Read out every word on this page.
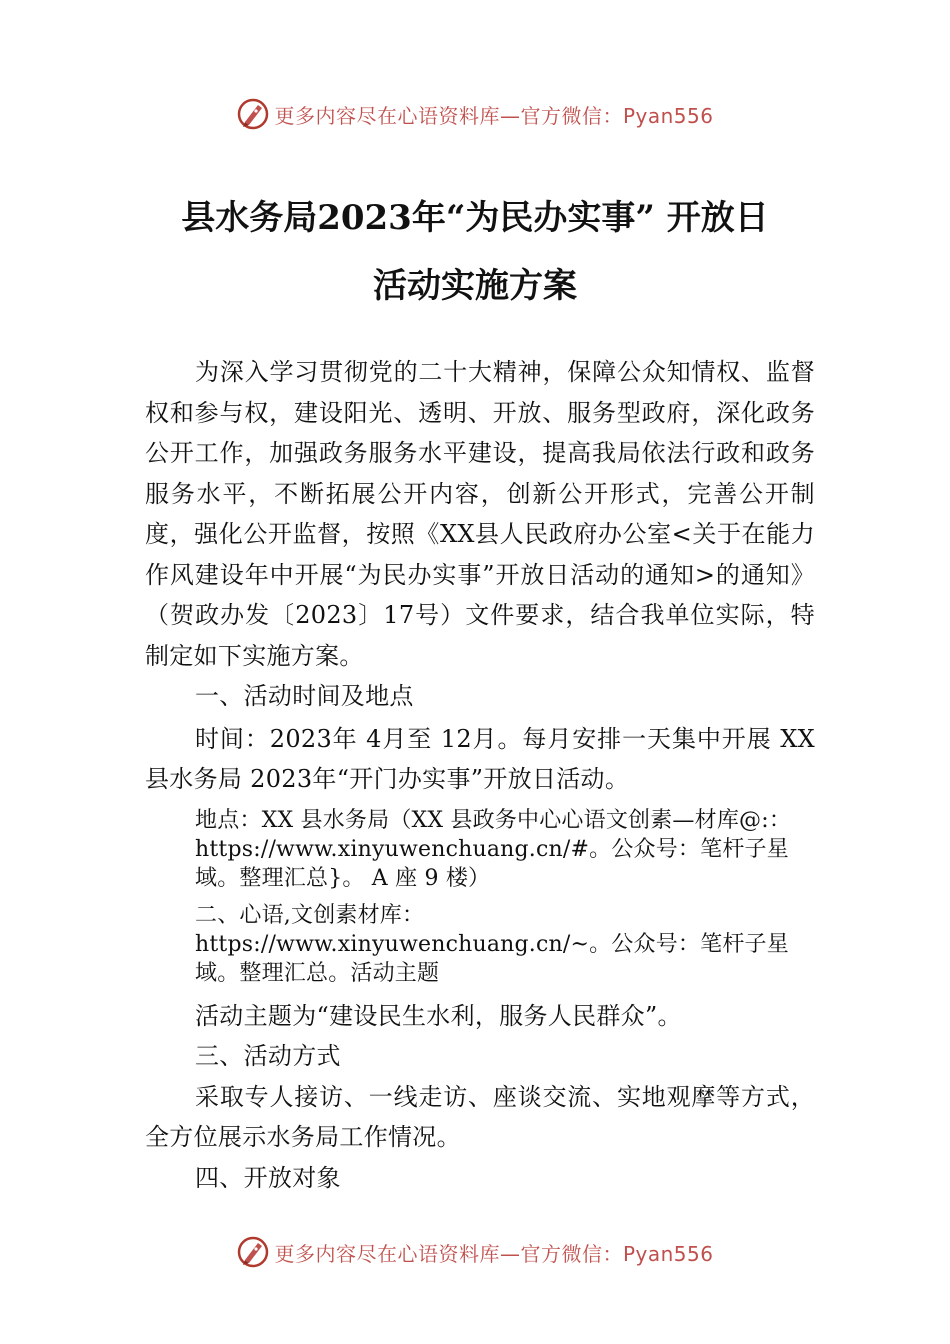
更多内容尽在心语资料库—官方微信：Pyan556
县水务局2023年“为民办实事” 开放日
活动实施方案

为深入学习贯彻党的二十大精神，保障公众知情权、监督权和参与权，建设阳光、透明、开放、服务型政府，深化政务公开工作，加强政务服务水平建设，提高我局依法行政和政务服务水平，不断拓展公开内容，创新公开形式，完善公开制度，强化公开监督，按照《XX县人民政府办公室<关于在能力作风建设年中开展“为民办实事”开放日活动的通知>的通知》（贺政办发〔2023〕17号）文件要求，结合我单位实际，特制定如下实施方案。

一、活动时间及地点

时间：2023年 4月至 12月。每月安排一天集中开展 XX县水务局 2023年“开门办实事”开放日活动。

地点：XX 县水务局（XX 县政务中心心语文创素—材库@:：https://www.xinyuwenchuang.cn/#。公众号：笔杆子星域。整理汇总}。 A 座 9 楼）

二、心语,文创素材库：https://www.xinyuwenchuang.cn/~。公众号：笔杆子星域。整理汇总。活动主题

活动主题为“建设民生水利，服务人民群众”。

三、活动方式

采取专人接访、一线走访、座谈交流、实地观摩等方式，全方位展示水务局工作情况。

四、开放对象

更多内容尽在心语资料库—官方微信：Pyan556
